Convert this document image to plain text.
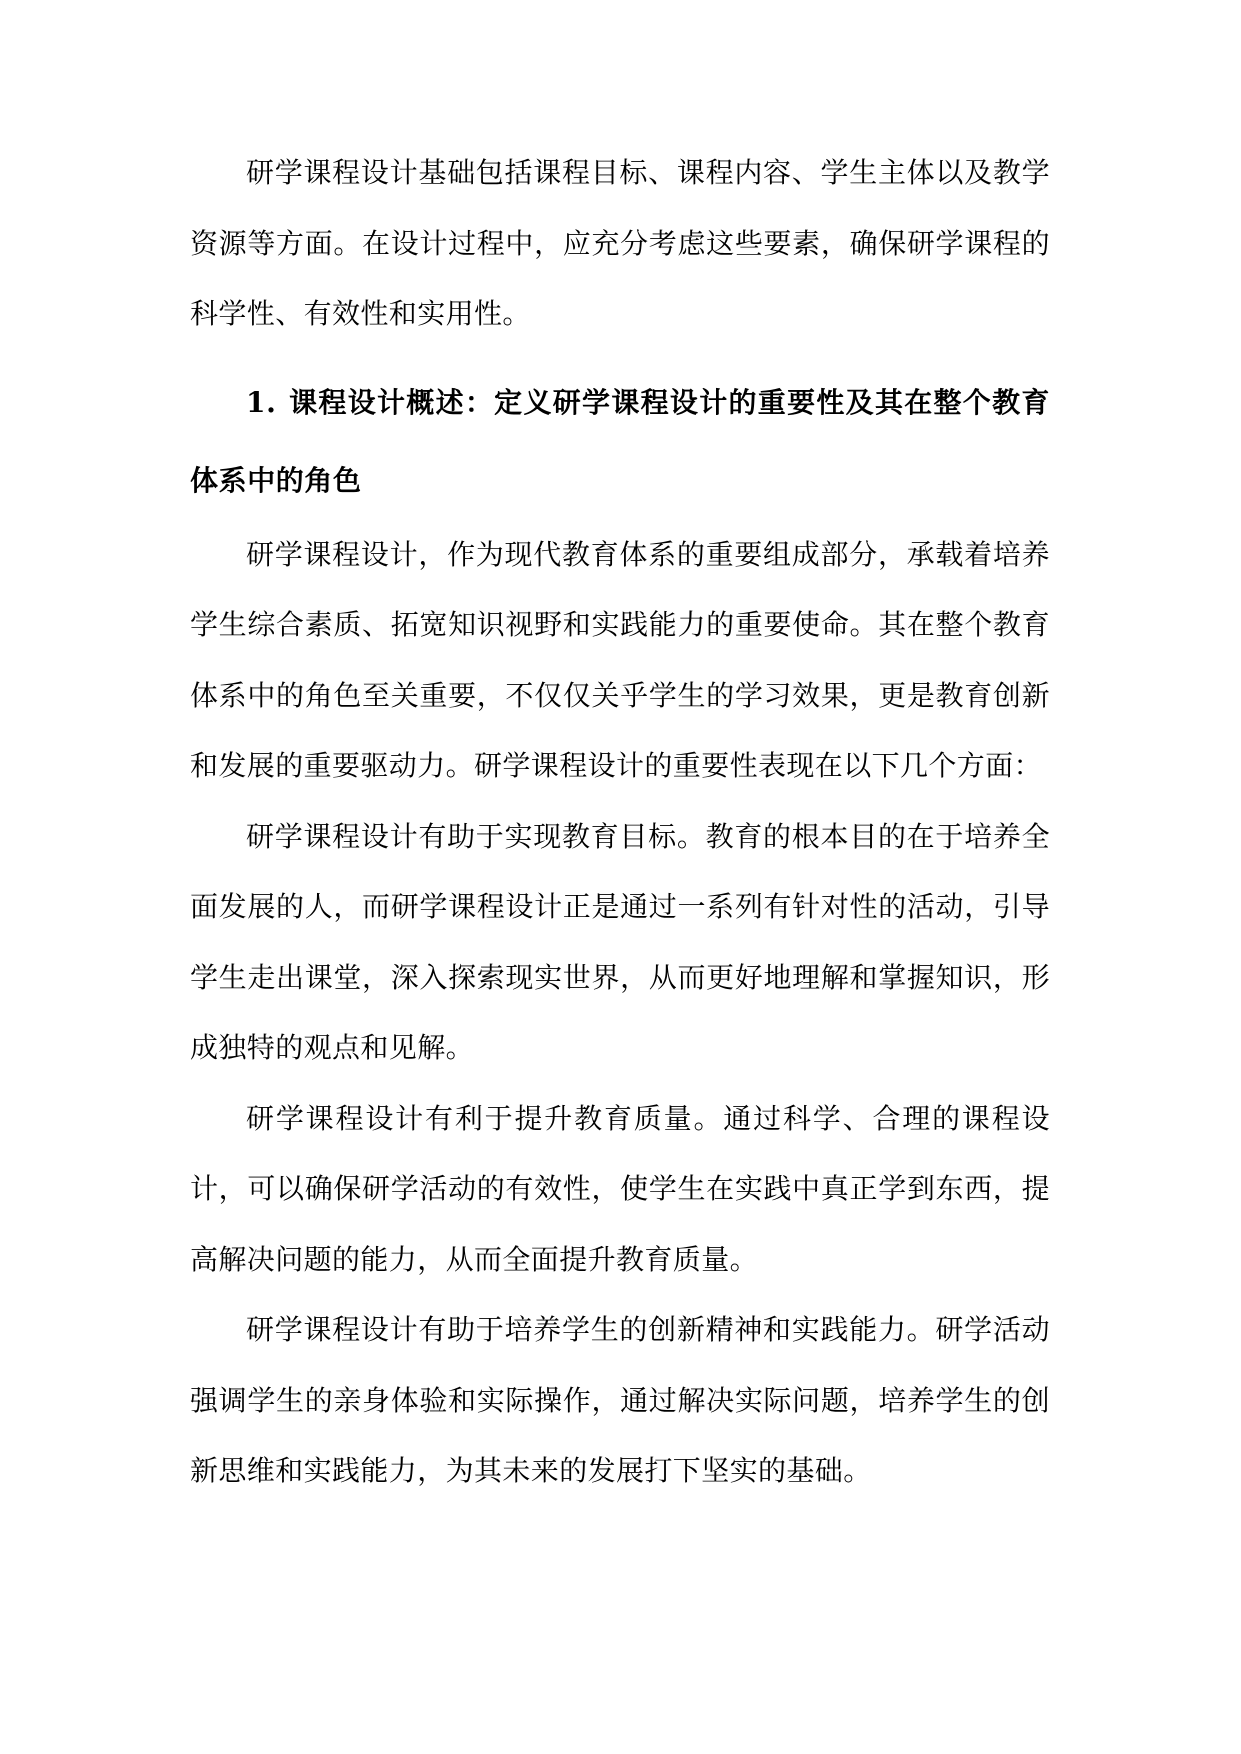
研学课程设计基础包括课程目标、课程内容、学生主体以及教学资源等方面。在设计过程中，应充分考虑这些要素，确保研学课程的科学性、有效性和实用性。

1. 课程设计概述：定义研学课程设计的重要性及其在整个教育体系中的角色

研学课程设计，作为现代教育体系的重要组成部分，承载着培养学生综合素质、拓宽知识视野和实践能力的重要使命。其在整个教育体系中的角色至关重要，不仅仅关乎学生的学习效果，更是教育创新和发展的重要驱动力。研学课程设计的重要性表现在以下几个方面：

研学课程设计有助于实现教育目标。教育的根本目的在于培养全面发展的人，而研学课程设计正是通过一系列有针对性的活动，引导学生走出课堂，深入探索现实世界，从而更好地理解和掌握知识，形成独特的观点和见解。

研学课程设计有利于提升教育质量。通过科学、合理的课程设计，可以确保研学活动的有效性，使学生在实践中真正学到东西，提高解决问题的能力，从而全面提升教育质量。

研学课程设计有助于培养学生的创新精神和实践能力。研学活动强调学生的亲身体验和实际操作，通过解决实际问题，培养学生的创新思维和实践能力，为其未来的发展打下坚实的基础。
